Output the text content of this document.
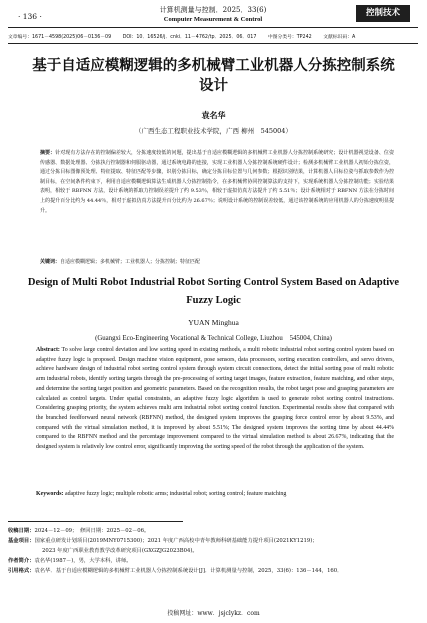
· 136 ·
计算机测量与控制．2025．33(6)
Computer Measurement & Control
控制技术
文章编号：1671－4598(2025)06－0136－09 DOI：10．16526/j．cnki．11－4762/tp．2025．06．017 中图分类号：TP242 文献标识码：A
基于自适应模糊逻辑的多机械臂工业机器人分拣控制系统设计
袁名华
（广西生态工程职业技术学院，广西 柳州　545004）
摘要：针对现有方法存在的控制偏差较大，分拣速度较低的问题，提出基于自适应模糊逻辑的多机械臂工业机器人分拣控制系统研究；设计机器视觉设备、位姿传感器、数据处理器、分拣执行控制器和伺服驱动器，通过系统电路的连接，实现工业机器人分拣控制系统硬件设计；检测多机械臂工业机器人初始分拣位姿，通过分拣目标图像预处理、特征提取、特征匹配等步骤，识别分拣目标，确定分拣目标位置与几何参数；根据识别结果，计算机器人目标位姿与抓取参数作为控制目标，在空间条件约束下，利用自适应模糊逻辑算法生成机器人分拣控制指令，在多机械臂协同控制算法的支持下，实现系统机器人分拣控制功能；实验结果表明，相较于 RBFNN 方法，设计系统的抓取力控制误差提升了约 9.53％，相较于虚拟仿真方法提升了约 5.51％；设计系统相对于 RBFNN 方法在分拣时间上的提升百分比约为 44.44％，相对于虚拟仿真方法提升百分比约为 26.67％；说明设计系统的控制误差较低，通过该控制系统的应用机器人的分拣速度明显提升。
关键词：自适应模糊逻辑；多机械臂；工业机器人；分拣控制；特征匹配
Design of Multi Robot Industrial Robot Sorting Control System Based on Adaptive Fuzzy Logic
YUAN Minghua
(Guangxi Eco-Engineering Vocational & Technical College, Liuzhou　545004, China)
Abstract: To solve large control deviation and low sorting speed in existing methods, a multi robotic industrial robot sorting control system based on adaptive fuzzy logic is proposed. Design machine vision equipment, pose sensors, data processors, sorting execution controllers, and servo drivers, achieve hardware design of industrial robot sorting control system through system circuit connections, detect the initial sorting pose of multi robotic arm industrial robots, identify sorting targets through the pre-processing of sorting target images, feature extraction, feature matching, and other steps, and determine the sorting target position and geometric parameters. Based on the recognition results, the robot target pose and grasping parameters are calculated as control targets. Under spatial constraints, an adaptive fuzzy logic algorithm is used to generate robot sorting control instructions. Considering grasping priority, the system achieves multi arm industrial robot sorting control function. Experimental results show that compared with the branched feedforward neural network (RBFNN) method, the designed system improves the grasping force control error by about 9.53%, and compared with the virtual simulation method, it is improved by about 5.51%; The designed system improves the sorting time by about 44.44% compared to the RBFNN method and the percentage improvement compared to the virtual simulation method is about 26.67%, indicating that the designed system is relatively low control error, significantly improving the sorting speed of the robot through the application of the system.
Keywords: adaptive fuzzy logic; multiple robotic arms; industrial robot; sorting control; feature matching
收稿日期：2024－12－09；　修回日期：2025－02－06。
基金项目：国家重点研发计划项目(2019MNY0715300)；2021 年度广西高校中青年教师科研基础能力提升项目(2021KY1219)；
2023 年度广西职业教育教学改革研究项目(GXGZJG2023B04)。
作者简介：袁名华(1987－)，男，大学本科，讲师。
引用格式：袁名华．基于自适应模糊逻辑的多机械臂工业机器人分拣控制系统设计[J]．计算机测量与控制，2025，33(6)：136－144，160．
投稿网址：www．jsjclykz．com
